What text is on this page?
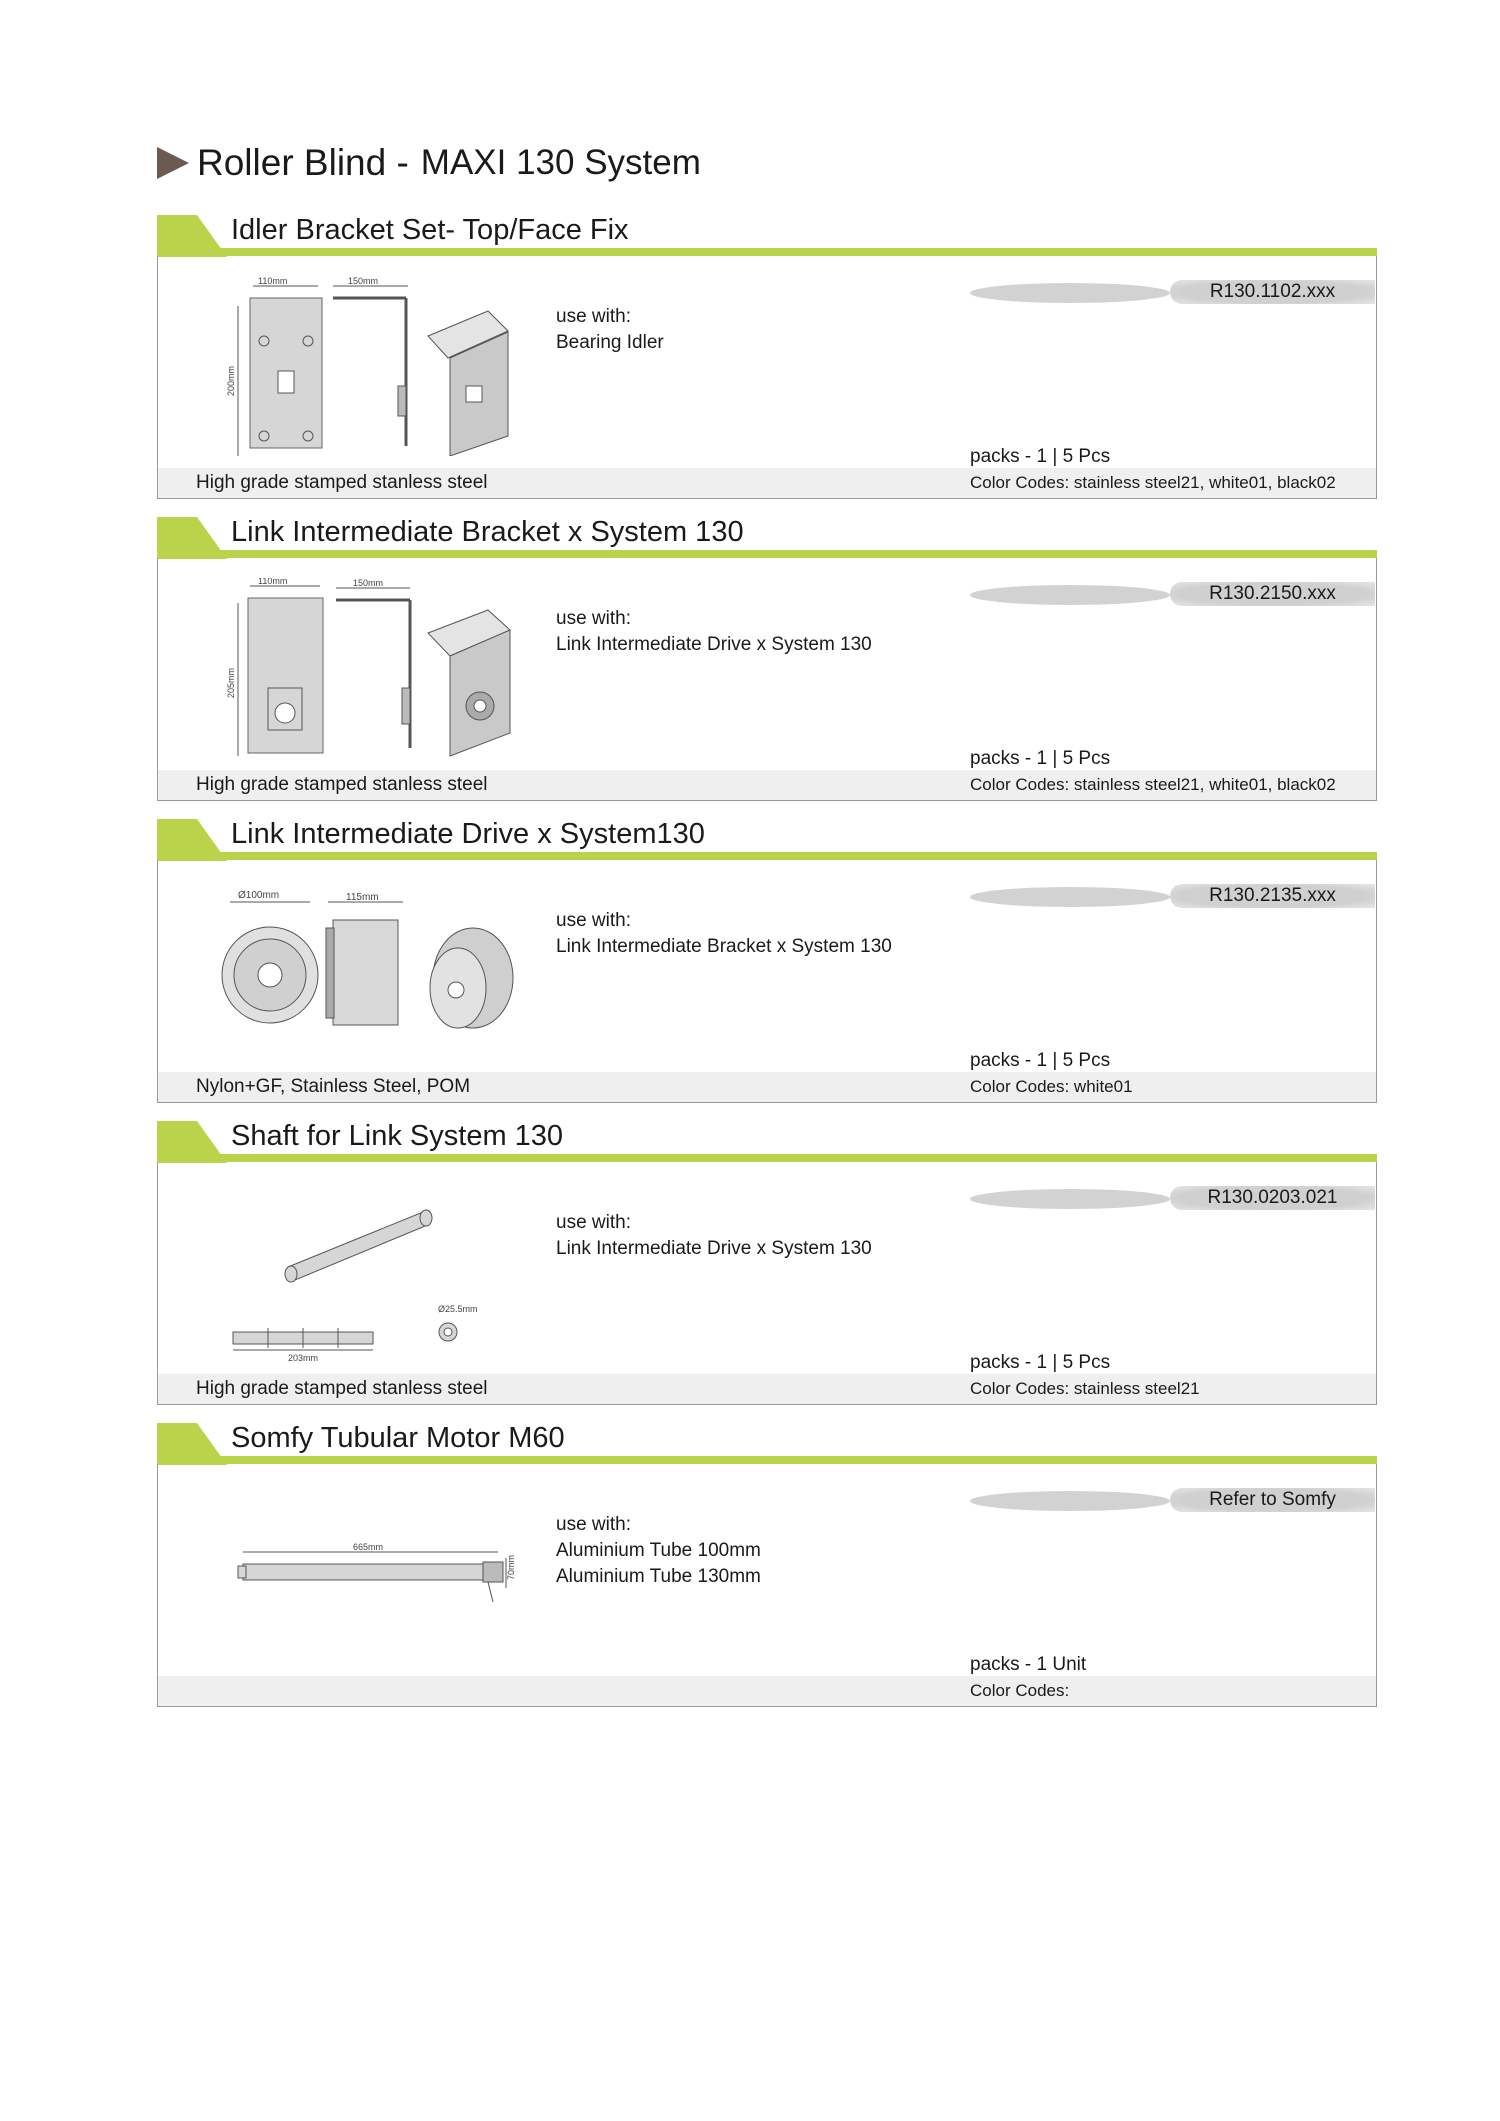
Roller Blind - MAXI 130 System
Idler Bracket Set- Top/Face Fix
110mm	150mm
200mm
use with:
Bearing Idler
R130.1102.xxx
packs - 1 | 5 Pcs
High grade stamped stanless steel	Color Codes: stainless steel21, white01, black02
Link Intermediate Bracket x System 130
110mm	150mm
205mm
use with:
Link Intermediate Drive x System 130
R130.2150.xxx
packs - 1 | 5 Pcs
High grade stamped stanless steel	Color Codes: stainless steel21, white01, black02
Link Intermediate Drive x System130
Ø100mm	115mm
use with:
Link Intermediate Bracket x System 130
R130.2135.xxx
packs - 1 | 5 Pcs
Nylon+GF, Stainless Steel, POM	Color Codes: white01
Shaft for Link System 130
Ø25.5mm
203mm
use with:
Link Intermediate Drive x System 130
R130.0203.021
packs - 1 | 5 Pcs
High grade stamped stanless steel	Color Codes: stainless steel21
Somfy Tubular Motor M60
665mm
70mm
use with:
Aluminium Tube 100mm
Aluminium Tube 130mm
Refer to Somfy
packs - 1 Unit
Color Codes:
